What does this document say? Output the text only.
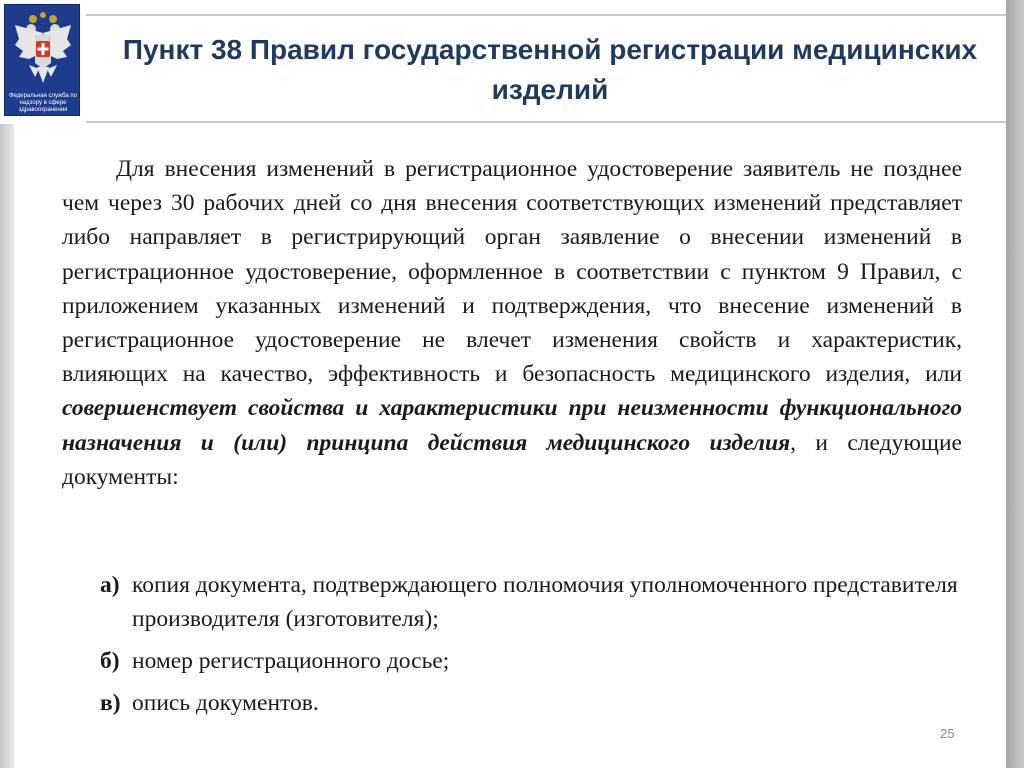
Федеральная служба по надзору в сфере здравоохранения
Пункт 38 Правил государственной регистрации медицинских изделий
Для внесения изменений в регистрационное удостоверение заявитель не позднее чем через 30 рабочих дней со дня внесения соответствующих изменений представляет либо направляет в регистрирующий орган заявление о внесении изменений в регистрационное удостоверение, оформленное в соответствии с пунктом 9 Правил, с приложением указанных изменений и подтверждения, что внесение изменений в регистрационное удостоверение не влечет изменения свойств и характеристик, влияющих на качество, эффективность и безопасность медицинского изделия, или совершенствует свойства и характеристики при неизменности функционального назначения и (или) принципа действия медицинского изделия, и следующие документы:
а) копия документа, подтверждающего полномочия уполномоченного представителя производителя (изготовителя);
б) номер регистрационного досье;
в) опись документов.
25
